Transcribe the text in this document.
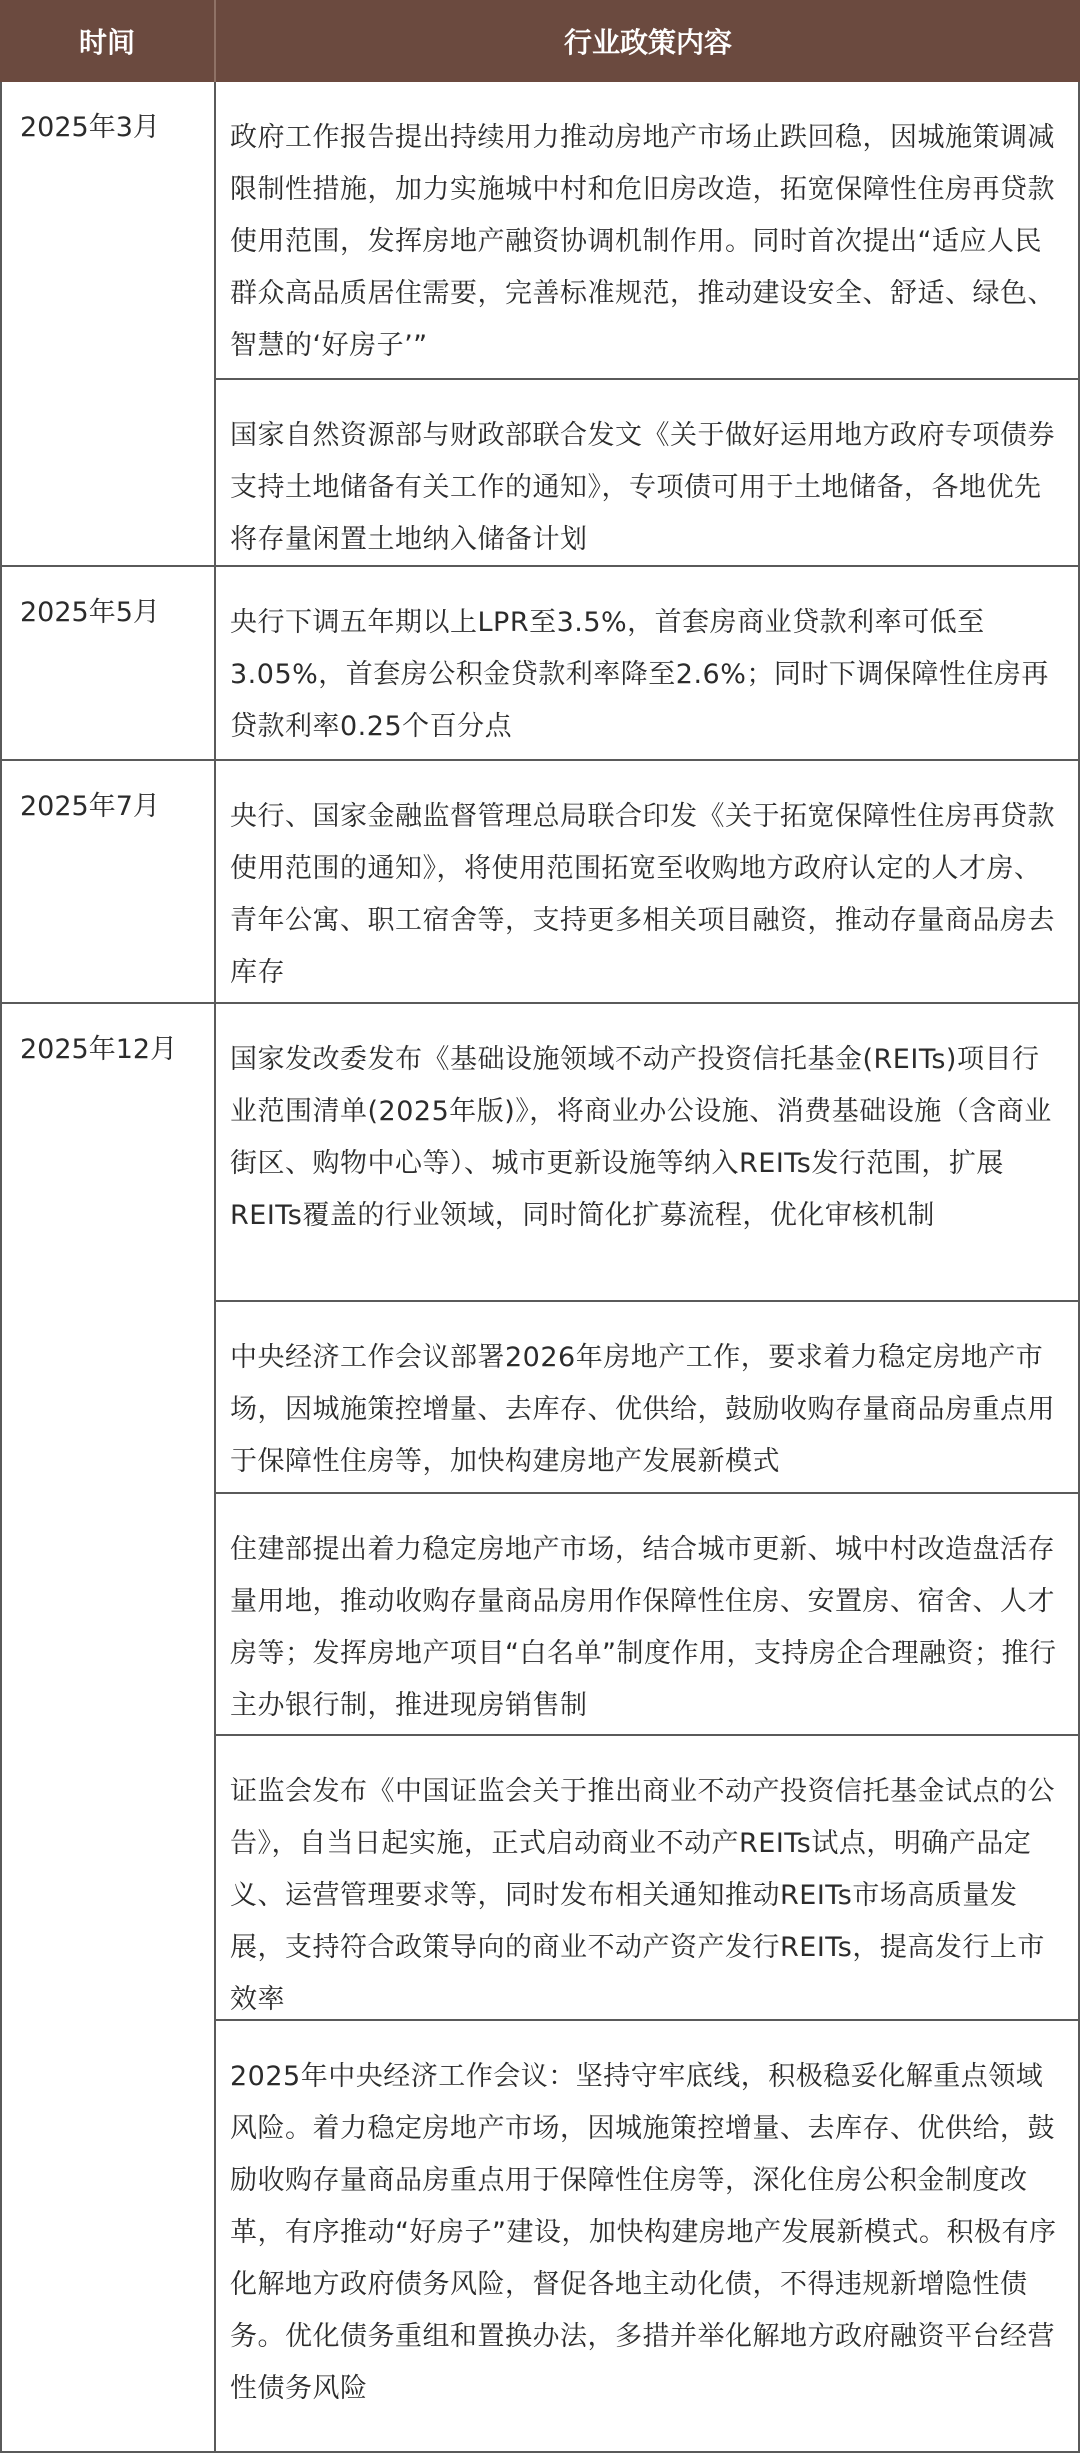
时间	行业政策内容
2025年3月	政府工作报告提出持续用力推动房地产市场止跌回稳，因城施策调减限制性措施，加力实施城中村和危旧房改造，拓宽保障性住房再贷款使用范围，发挥房地产融资协调机制作用。同时首次提出“适应人民群众高品质居住需要，完善标准规范，推动建设安全、舒适、绿色、智慧的‘好房子’”

国家自然资源部与财政部联合发文《关于做好运用地方政府专项债券支持土地储备有关工作的通知》，专项债可用于土地储备，各地优先将存量闲置土地纳入储备计划

2025年5月	央行下调五年期以上LPR至3.5%，首套房商业贷款利率可低至3.05%，首套房公积金贷款利率降至2.6%；同时下调保障性住房再贷款利率0.25个百分点

2025年7月	央行、国家金融监督管理总局联合印发《关于拓宽保障性住房再贷款使用范围的通知》，将使用范围拓宽至收购地方政府认定的人才房、青年公寓、职工宿舍等，支持更多相关项目融资，推动存量商品房去库存

2025年12月	国家发改委发布《基础设施领域不动产投资信托基金(REITs)项目行业范围清单(2025年版)》，将商业办公设施、消费基础设施（含商业街区、购物中心等）、城市更新设施等纳入REITs发行范围，扩展REITs覆盖的行业领域，同时简化扩募流程，优化审核机制

中央经济工作会议部署2026年房地产工作，要求着力稳定房地产市场，因城施策控增量、去库存、优供给，鼓励收购存量商品房重点用于保障性住房等，加快构建房地产发展新模式

住建部提出着力稳定房地产市场，结合城市更新、城中村改造盘活存量用地，推动收购存量商品房用作保障性住房、安置房、宿舍、人才房等；发挥房地产项目“白名单”制度作用，支持房企合理融资；推行主办银行制，推进现房销售制

证监会发布《中国证监会关于推出商业不动产投资信托基金试点的公告》，自当日起实施，正式启动商业不动产REITs试点，明确产品定义、运营管理要求等，同时发布相关通知推动REITs市场高质量发展，支持符合政策导向的商业不动产资产发行REITs，提高发行上市效率

2025年中央经济工作会议：坚持守牢底线，积极稳妥化解重点领域风险。着力稳定房地产市场，因城施策控增量、去库存、优供给，鼓励收购存量商品房重点用于保障性住房等，深化住房公积金制度改革，有序推动“好房子”建设，加快构建房地产发展新模式。积极有序化解地方政府债务风险，督促各地主动化债，不得违规新增隐性债务。优化债务重组和置换办法，多措并举化解地方政府融资平台经营性债务风险
